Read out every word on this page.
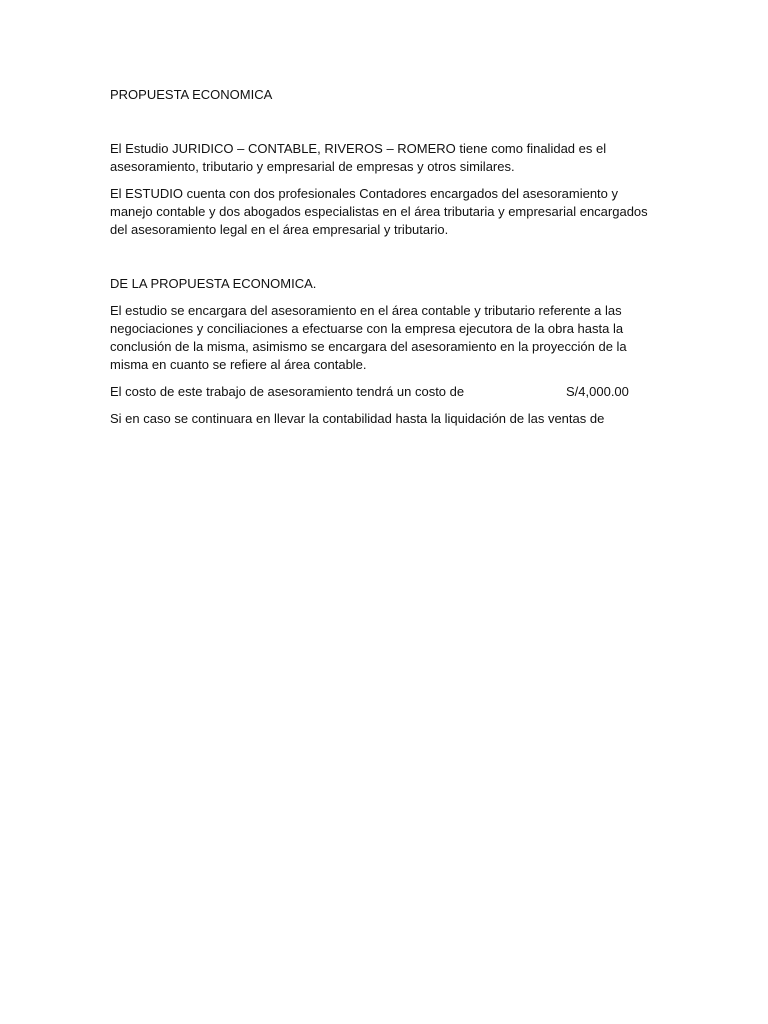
PROPUESTA ECONOMICA

El Estudio JURIDICO – CONTABLE, RIVEROS – ROMERO tiene como finalidad es el asesoramiento, tributario y empresarial de empresas y otros similares.

El ESTUDIO cuenta con dos profesionales Contadores encargados del asesoramiento y manejo contable y dos abogados especialistas en el área tributaria y empresarial encargados del asesoramiento legal en el área empresarial y tributario.

DE LA PROPUESTA ECONOMICA.

El estudio se encargara del asesoramiento en el área contable y tributario referente a las negociaciones y conciliaciones a efectuarse con la empresa ejecutora de la obra hasta la conclusión de la misma, asimismo se encargara del asesoramiento en la proyección de la misma en cuanto se refiere al área contable.

El costo de este trabajo de asesoramiento tendrá un costo de	S/4,000.00

Si en caso se continuara en llevar la contabilidad hasta la liquidación de las ventas de
